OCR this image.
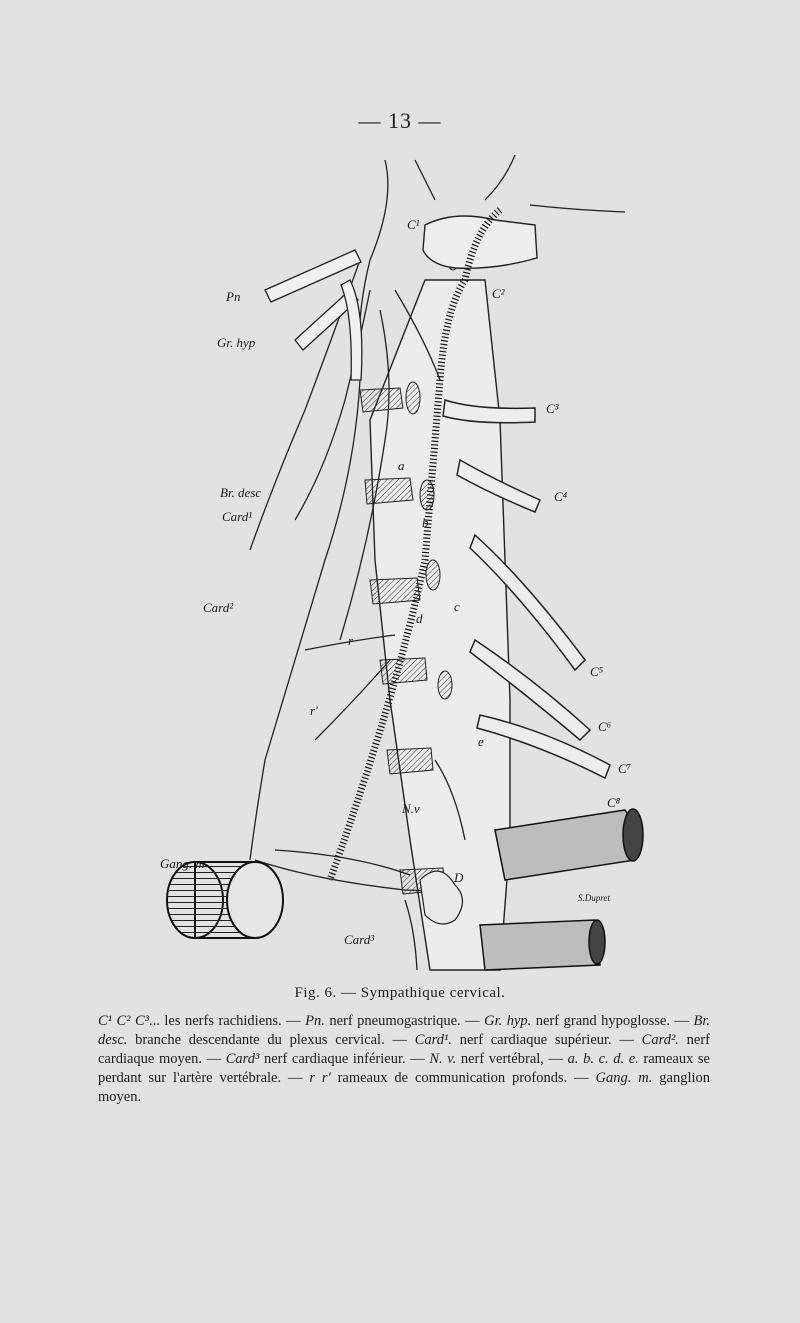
— 13 —
C¹
C²
C³
C⁴
C⁵
C⁶
C⁷
C⁸
Pn
Gr. hyp
Br. desc
Card¹
Card²
Card³
a
b
c
d
e
r
r'
N.v
Gang. m
D
S.Dupret
Fig. 6. — Sympathique cervical.

C¹ C² C³... les nerfs rachidiens. — Pn. nerf pneumogastrique. — Gr. hyp. nerf grand hypoglosse. — Br. desc. branche descendante du plexus cervical. — Card¹. nerf cardiaque supérieur. — Card². nerf cardiaque moyen. — Card³ nerf cardiaque inférieur. — N. v. nerf vertébral, — a. b. c. d. e. rameaux se perdant sur l'artère vertébrale. — r r' rameaux de communication profonds. — Gang. m. ganglion moyen.
